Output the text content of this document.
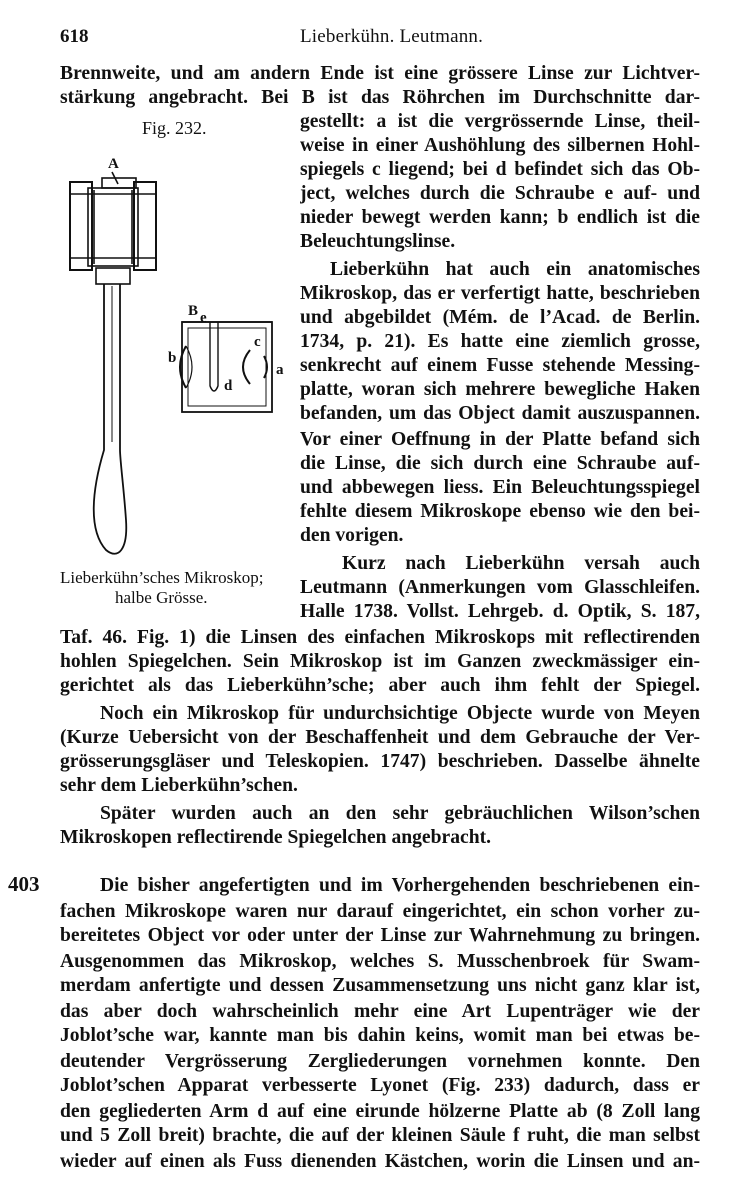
618	Lieberkühn. Leutmann.
Brennweite, und am andern Ende ist eine grössere Linse zur Lichtver-
stärkung angebracht. Bei B ist das Röhrchen im Durchschnitte dar-
Fig. 232.
A
B e
b
d
c
a
gestellt: a ist die vergrössernde Linse, theil-
weise in einer Aushöhlung des silbernen Hohl-
spiegels c liegend; bei d befindet sich das Ob-
ject, welches durch die Schraube e auf- und
nieder bewegt werden kann; b endlich ist die
Beleuchtungslinse.
Lieberkühn hat auch ein anatomisches
Mikroskop, das er verfertigt hatte, beschrieben
und abgebildet (Mém. de l’Acad. de Berlin.
1734, p. 21). Es hatte eine ziemlich grosse,
senkrecht auf einem Fusse stehende Messing-
platte, woran sich mehrere bewegliche Haken
befanden, um das Object damit auszuspannen.
Vor einer Oeffnung in der Platte befand sich
die Linse, die sich durch eine Schraube auf-
und abbewegen liess. Ein Beleuchtungsspiegel
fehlte diesem Mikroskope ebenso wie den bei-
den vorigen.
Kurz nach Lieberkühn versah auch
Leutmann (Anmerkungen vom Glasschleifen.
Halle 1738. Vollst. Lehrgeb. d. Optik, S. 187,
Lieberkühn’sches Mikroskop;
halbe Grösse.
Taf. 46. Fig. 1) die Linsen des einfachen Mikroskops mit reflectirenden
hohlen Spiegelchen. Sein Mikroskop ist im Ganzen zweckmässiger ein-
gerichtet als das Lieberkühn’sche; aber auch ihm fehlt der Spiegel.
Noch ein Mikroskop für undurchsichtige Objecte wurde von Meyen
(Kurze Uebersicht von der Beschaffenheit und dem Gebrauche der Ver-
grösserungsgläser und Teleskopien. 1747) beschrieben. Dasselbe ähnelte
sehr dem Lieberkühn’schen.
Später wurden auch an den sehr gebräuchlichen Wilson’schen
Mikroskopen reflectirende Spiegelchen angebracht.
403	Die bisher angefertigten und im Vorhergehenden beschriebenen ein-
fachen Mikroskope waren nur darauf eingerichtet, ein schon vorher zu-
bereitetes Object vor oder unter der Linse zur Wahrnehmung zu bringen.
Ausgenommen das Mikroskop, welches S. Musschenbroek für Swam-
merdam anfertigte und dessen Zusammensetzung uns nicht ganz klar ist,
das aber doch wahrscheinlich mehr eine Art Lupenträger wie der
Joblot’sche war, kannte man bis dahin keins, womit man bei etwas be-
deutender Vergrösserung Zergliederungen vornehmen konnte. Den
Joblot’schen Apparat verbesserte Lyonet (Fig. 233) dadurch, dass er
den gegliederten Arm d auf eine eirunde hölzerne Platte ab (8 Zoll lang
und 5 Zoll breit) brachte, die auf der kleinen Säule f ruht, die man selbst
wieder auf einen als Fuss dienenden Kästchen, worin die Linsen und an-
